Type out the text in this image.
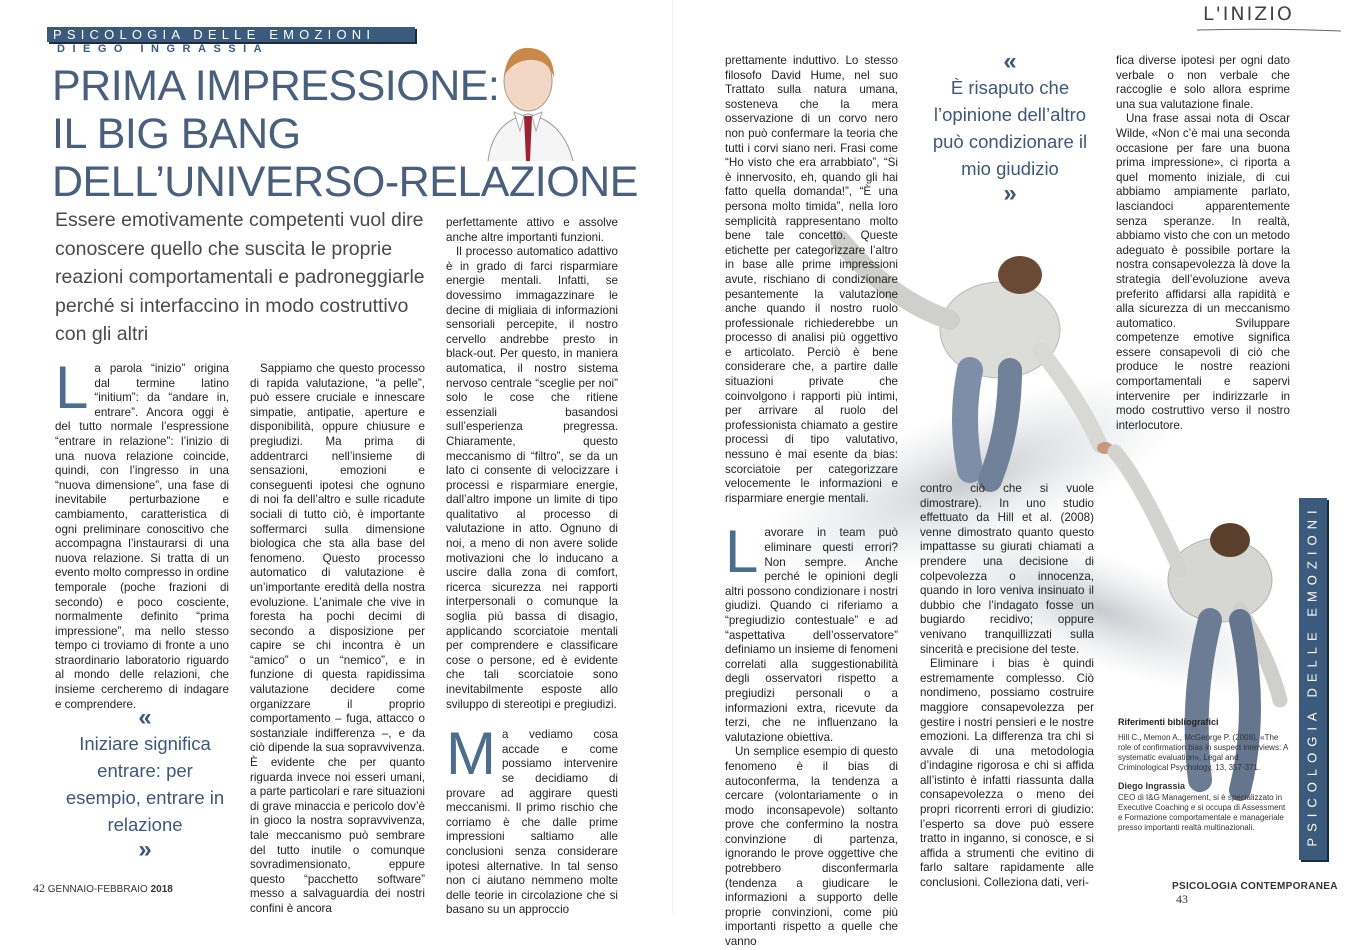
PSICOLOGIA DELLE EMOZIONI
DIEGO INGRASSIA
PRIMA IMPRESSIONE:
IL BIG BANG
DELL’UNIVERSO-RELAZIONE
Essere emotivamente competenti vuol dire conoscere quello che suscita le proprie reazioni comportamentali e padroneggiarle perché si interfaccino in modo costruttivo con gli altri
L a parola “inizio” origina dal termine latino “initium”: da “andare in, entrare”. Ancora oggi è del tutto normale l’espressione “entrare in relazione”: l’inizio di una nuova relazione coincide, quindi, con l’ingresso in una “nuova dimensione”, una fase di inevitabile perturbazione e cambiamento, caratteristica di ogni preliminare conoscitivo che accompagna l’instaurarsi di una nuova relazione. Si tratta di un evento molto compresso in ordine temporale (poche frazioni di secondo) e poco cosciente, normalmente definito “prima impressione”, ma nello stesso tempo ci troviamo di fronte a uno straordinario laboratorio riguardo al mondo delle relazioni, che insieme cercheremo di indagare e comprendere. «
Iniziare significa entrare: per esempio, entrare in relazione
»

Sappiamo che questo processo di rapida valutazione, “a pelle”, può essere cruciale e innescare simpatie, antipatie, aperture e disponibilità, oppure chiusure e pregiudizi. Ma prima di addentrarci nell’insieme di sensazioni, emozioni e conseguenti ipotesi che ognuno di noi fa dell’altro e sulle ricadute sociali di tutto ciò, è importante soffermarci sulla dimensione biologica che sta alla base del fenomeno. Questo processo automatico di valutazione è un’importante eredità della nostra evoluzione. L’animale che vive in foresta ha pochi decimi di secondo a disposizione per capire se chi incontra è un “amico” o un “nemico”, e in funzione di questa rapidissima valutazione decidere come organizzare il proprio comportamento – fuga, attacco o sostanziale indifferenza –, e da ciò dipende la sua sopravvivenza. È evidente che per quanto riguarda invece noi esseri umani, a parte particolari e rare situazioni di grave minaccia e pericolo dov’è in gioco la nostra sopravvivenza, tale meccanismo può sembrare del tutto inutile o comunque sovradimensionato, eppure questo “pacchetto software” messo a salvaguardia dei nostri confini è ancora

perfettamente attivo e assolve anche altre importanti funzioni.

Il processo automatico adattivo è in grado di farci risparmiare energie mentali. Infatti, se dovessimo immagazzinare le decine di migliaia di informazioni sensoriali percepite, il nostro cervello andrebbe presto in black-out. Per questo, in maniera automatica, il nostro sistema nervoso centrale “sceglie per noi” solo le cose che ritiene essenziali basandosi sull’esperienza pregressa. Chiaramente, questo meccanismo di “filtro”, se da un lato ci consente di velocizzare i processi e risparmiare energie, dall’altro impone un limite di tipo qualitativo al processo di valutazione in atto. Ognuno di noi, a meno di non avere solide motivazioni che lo inducano a uscire dalla zona di comfort, ricerca sicurezza nei rapporti interpersonali o comunque la soglia più bassa di disagio, applicando scorciatoie mentali per comprendere e classificare cose o persone, ed è evidente che tali scorciatoie sono inevitabilmente esposte allo sviluppo di stereotipi e pregiudizi.

M a vediamo cosa accade e come possiamo intervenire se decidiamo di provare ad aggirare questi meccanismi. Il primo rischio che corriamo è che dalle prime impressioni saltiamo alle conclusioni senza considerare ipotesi alternative. In tal senso non ci aiutano nemmeno molte delle teorie in circolazione che si basano su un approccio

42 GENNAIO-FEBBRAIO 2018
L'INIZIO

prettamente induttivo. Lo stesso filosofo David Hume, nel suo Trattato sulla natura umana, sosteneva che la mera osservazione di un corvo nero non può confermare la teoria che tutti i corvi siano neri. Frasi come “Ho visto che era arrabbiato”, “Si è innervosito, eh, quando gli hai fatto quella domanda!”, “È una persona molto timida”, nella loro semplicità rappresentano molto bene tale concetto. Queste etichette per categorizzare l’altro in base alle prime impressioni avute, rischiano di condizionare pesantemente la valutazione anche quando il nostro ruolo professionale richiederebbe un processo di analisi più oggettivo e articolato. Perciò è bene considerare che, a partire dalle situazioni private che coinvolgono i rapporti più intimi, per arrivare al ruolo del professionista chiamato a gestire processi di tipo valutativo, nessuno è mai esente da bias: scorciatoie per categorizzare velocemente le informazioni e risparmiare energie mentali.

L avorare in team può eliminare questi errori? Non sempre. Anche perché le opinioni degli altri possono condizionare i nostri giudizi. Quando ci riferiamo a “pregiudizio contestuale” e ad “aspettativa dell’osservatore” definiamo un insieme di fenomeni correlati alla suggestionabilità degli osservatori rispetto a pregiudizi personali o a informazioni extra, ricevute da terzi, che ne influenzano la valutazione obiettiva.

Un semplice esempio di questo fenomeno è il bias di autoconferma, la tendenza a cercare (volontariamente o in modo inconsapevole) soltanto prove che confermino la nostra convinzione di partenza, ignorando le prove oggettive che potrebbero disconfermarla (tendenza a giudicare le informazioni a supporto delle proprie convinzioni, come più importanti rispetto a quelle che vanno

«
È risaputo che l’opinione dell’altro può condizionare il mio giudizio
»

contro ciò che si vuole dimostrare). In uno studio effettuato da Hill et al. (2008) venne dimostrato quanto questo impattasse su giurati chiamati a prendere una decisione di colpevolezza o innocenza, quando in loro veniva insinuato il dubbio che l’indagato fosse un bugiardo recidivo; oppure venivano tranquillizzati sulla sincerità e precisione del teste.

Eliminare i bias è quindi estremamente complesso. Ciò nondimeno, possiamo costruire maggiore consapevolezza per gestire i nostri pensieri e le nostre emozioni. La differenza tra chi si avvale di una metodologia d’indagine rigorosa e chi si affida all’istinto è infatti riassunta dalla consapevolezza o meno dei propri ricorrenti errori di giudizio: l’esperto sa dove può essere tratto in inganno, si conosce, e si affida a strumenti che evitino di farlo saltare rapidamente alle conclusioni. Colleziona dati, veri-

fica diverse ipotesi per ogni dato verbale o non verbale che raccoglie e solo allora esprime una sua valutazione finale.

Una frase assai nota di Oscar Wilde, «Non c’è mai una seconda occasione per fare una buona prima impressione», ci riporta a quel momento iniziale, di cui abbiamo ampiamente parlato, lasciandoci apparentemente senza speranze. In realtà, abbiamo visto che con un metodo adeguato è possibile portare la nostra consapevolezza là dove la strategia dell’evoluzione aveva preferito affidarsi alla rapidità e alla sicurezza di un meccanismo automatico. Sviluppare competenze emotive significa essere consapevoli di ciò che produce le nostre reazioni comportamentali e sapervi intervenire per indirizzarle in modo costruttivo verso il nostro interlocutore.

Riferimenti bibliografici
Hill C., Memon A., McGeorge P. (2008). «The role of confirmation bias in suspect interviews: A systematic evaluation», Legal and Criminological Psychology, 13, 357-371.
Diego Ingrassia
CEO di I&G Management, si è specializzato in Executive Coaching e si occupa di Assessment e Formazione comportamentale e manageriale presso importanti realtà multinazionali.	PSICOLOGIA DELLE EMOZIONI
PSICOLOGIA CONTEMPORANEA 43
